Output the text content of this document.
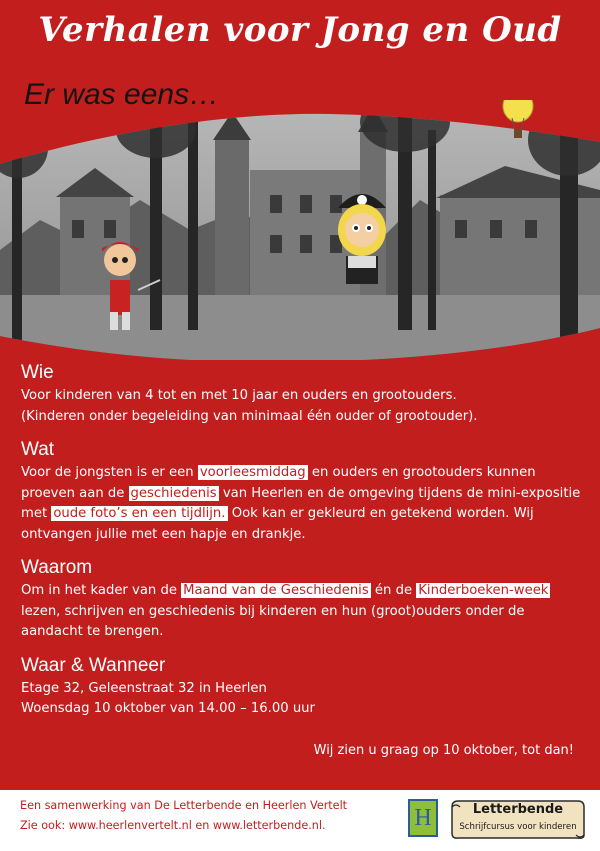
Verhalen voor Jong en Oud

Er was eens…

Wie

Voor kinderen van 4 tot en met 10 jaar en ouders en grootouders.
(Kinderen onder begeleiding van minimaal één ouder of grootouder).

Wat

Voor de jongsten is er een voorleesmiddag en ouders en grootouders kunnen proeven aan de geschiedenis van Heerlen en de omgeving tijdens de mini-expositie met oude foto’s en een tijdlijn. Ook kan er gekleurd en getekend worden. Wij ontvangen jullie met een hapje en drankje.

Waarom

Om in het kader van de Maand van de Geschiedenis én de Kinderboeken-week lezen, schrijven en geschiedenis bij kinderen en hun (groot)ouders onder de aandacht te brengen.

Waar & Wanneer

Etage 32, Geleenstraat 32 in Heerlen
Woensdag 10 oktober van 14.00 – 16.00 uur

Wij zien u graag op 10 oktober, tot dan!

Een samenwerking van De Letterbende en Heerlen Vertelt

Zie ook: www.heerlenvertelt.nl en www.letterbende.nl.	H	Letterbende
Schrijfcursus voor kinderen
